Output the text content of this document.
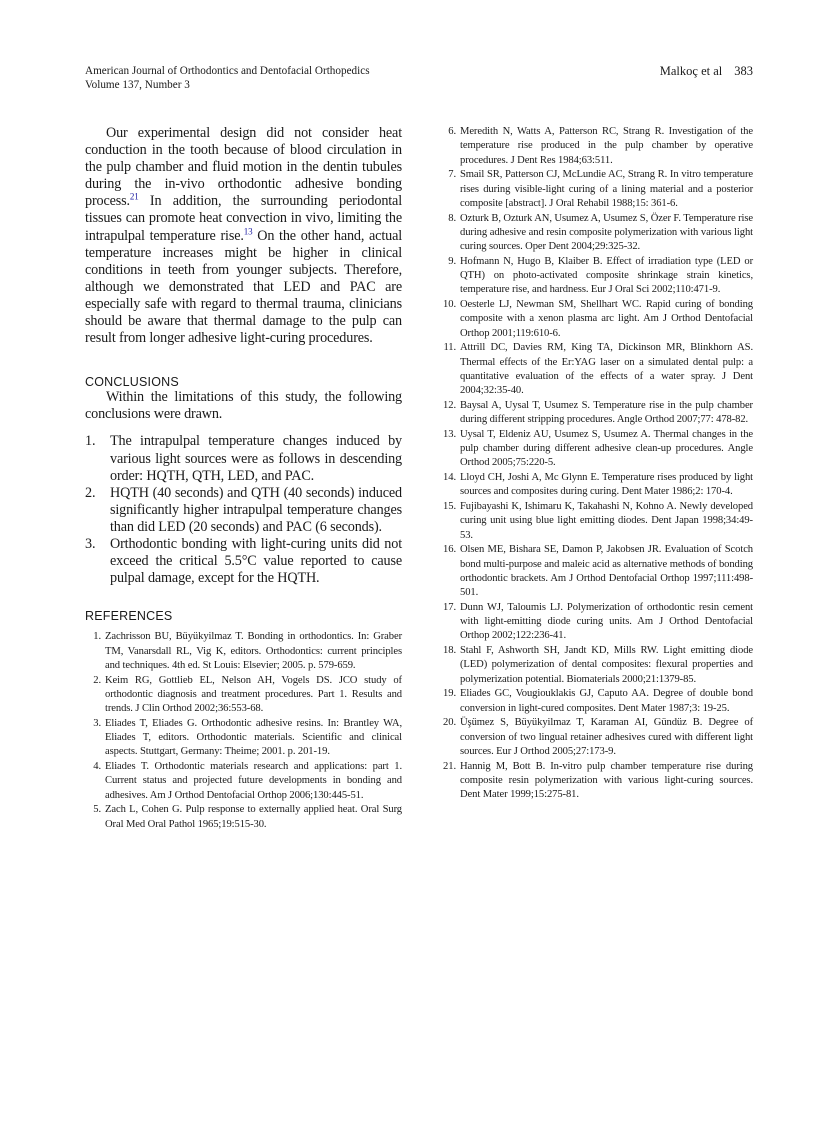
American Journal of Orthodontics and Dentofacial Orthopedics
Volume 137, Number 3
Malkoç et al 383

Our experimental design did not consider heat conduction in the tooth because of blood circulation in the pulp chamber and fluid motion in the dentin tubules during the in-vivo orthodontic adhesive bonding process.$^{21}$ In addition, the surrounding periodontal tissues can promote heat convection in vivo, limiting the intrapulpal temperature rise.$^{13}$ On the other hand, actual temperature increases might be higher in clinical conditions in teeth from younger subjects. Therefore, although we demonstrated that LED and PAC are especially safe with regard to thermal trauma, clinicians should be aware that thermal damage to the pulp can result from longer adhesive light-curing procedures.

CONCLUSIONS

Within the limitations of this study, the following conclusions were drawn.

1. The intrapulpal temperature changes induced by various light sources were as follows in descending order: HQTH, QTH, LED, and PAC.
2. HQTH (40 seconds) and QTH (40 seconds) induced significantly higher intrapulpal temperature changes than did LED (20 seconds) and PAC (6 seconds).
3. Orthodontic bonding with light-curing units did not exceed the critical 5.5°C value reported to cause pulpal damage, except for the HQTH.
REFERENCES
1. Zachrisson BU, Büyükyilmaz T. Bonding in orthodontics. In: Graber TM, Vanarsdall RL, Vig K, editors. Orthodontics: current principles and techniques. 4th ed. St Louis: Elsevier; 2005. p. 579-659.
2. Keim RG, Gottlieb EL, Nelson AH, Vogels DS. JCO study of orthodontic diagnosis and treatment procedures. Part 1. Results and trends. J Clin Orthod 2002;36:553-68.
3. Eliades T, Eliades G. Orthodontic adhesive resins. In: Brantley WA, Eliades T, editors. Orthodontic materials. Scientific and clinical aspects. Stuttgart, Germany: Theime; 2001. p. 201-19.
4. Eliades T. Orthodontic materials research and applications: part 1. Current status and projected future developments in bonding and adhesives. Am J Orthod Dentofacial Orthop 2006;130:445-51.
5. Zach L, Cohen G. Pulp response to externally applied heat. Oral Surg Oral Med Oral Pathol 1965;19:515-30.
6. Meredith N, Watts A, Patterson RC, Strang R. Investigation of the temperature rise produced in the pulp chamber by operative procedures. J Dent Res 1984;63:511.
7. Smail SR, Patterson CJ, McLundie AC, Strang R. In vitro temperature rises during visible-light curing of a lining material and a posterior composite [abstract]. J Oral Rehabil 1988;15: 361-6.
8. Ozturk B, Ozturk AN, Usumez A, Usumez S, Özer F. Temperature rise during adhesive and resin composite polymerization with various light curing sources. Oper Dent 2004;29:325-32.
9. Hofmann N, Hugo B, Klaiber B. Effect of irradiation type (LED or QTH) on photo-activated composite shrinkage strain kinetics, temperature rise, and hardness. Eur J Oral Sci 2002;110:471-9.
10. Oesterle LJ, Newman SM, Shellhart WC. Rapid curing of bonding composite with a xenon plasma arc light. Am J Orthod Dentofacial Orthop 2001;119:610-6.
11. Attrill DC, Davies RM, King TA, Dickinson MR, Blinkhorn AS. Thermal effects of the Er:YAG laser on a simulated dental pulp: a quantitative evaluation of the effects of a water spray. J Dent 2004;32:35-40.
12. Baysal A, Uysal T, Usumez S. Temperature rise in the pulp chamber during different stripping procedures. Angle Orthod 2007;77: 478-82.
13. Uysal T, Eldeniz AU, Usumez S, Usumez A. Thermal changes in the pulp chamber during different adhesive clean-up procedures. Angle Orthod 2005;75:220-5.
14. Lloyd CH, Joshi A, Mc Glynn E. Temperature rises produced by light sources and composites during curing. Dent Mater 1986;2: 170-4.
15. Fujibayashi K, Ishimaru K, Takahashi N, Kohno A. Newly developed curing unit using blue light emitting diodes. Dent Japan 1998;34:49-53.
16. Olsen ME, Bishara SE, Damon P, Jakobsen JR. Evaluation of Scotch bond multi-purpose and maleic acid as alternative methods of bonding orthodontic brackets. Am J Orthod Dentofacial Orthop 1997;111:498-501.
17. Dunn WJ, Taloumis LJ. Polymerization of orthodontic resin cement with light-emitting diode curing units. Am J Orthod Dentofacial Orthop 2002;122:236-41.
18. Stahl F, Ashworth SH, Jandt KD, Mills RW. Light emitting diode (LED) polymerization of dental composites: flexural properties and polymerization potential. Biomaterials 2000;21:1379-85.
19. Eliades GC, Vougiouklakis GJ, Caputo AA. Degree of double bond conversion in light-cured composites. Dent Mater 1987;3: 19-25.
20. Üşümez S, Büyükyilmaz T, Karaman AI, Gündüz B. Degree of conversion of two lingual retainer adhesives cured with different light sources. Eur J Orthod 2005;27:173-9.
21. Hannig M, Bott B. In-vitro pulp chamber temperature rise during composite resin polymerization with various light-curing sources. Dent Mater 1999;15:275-81.
